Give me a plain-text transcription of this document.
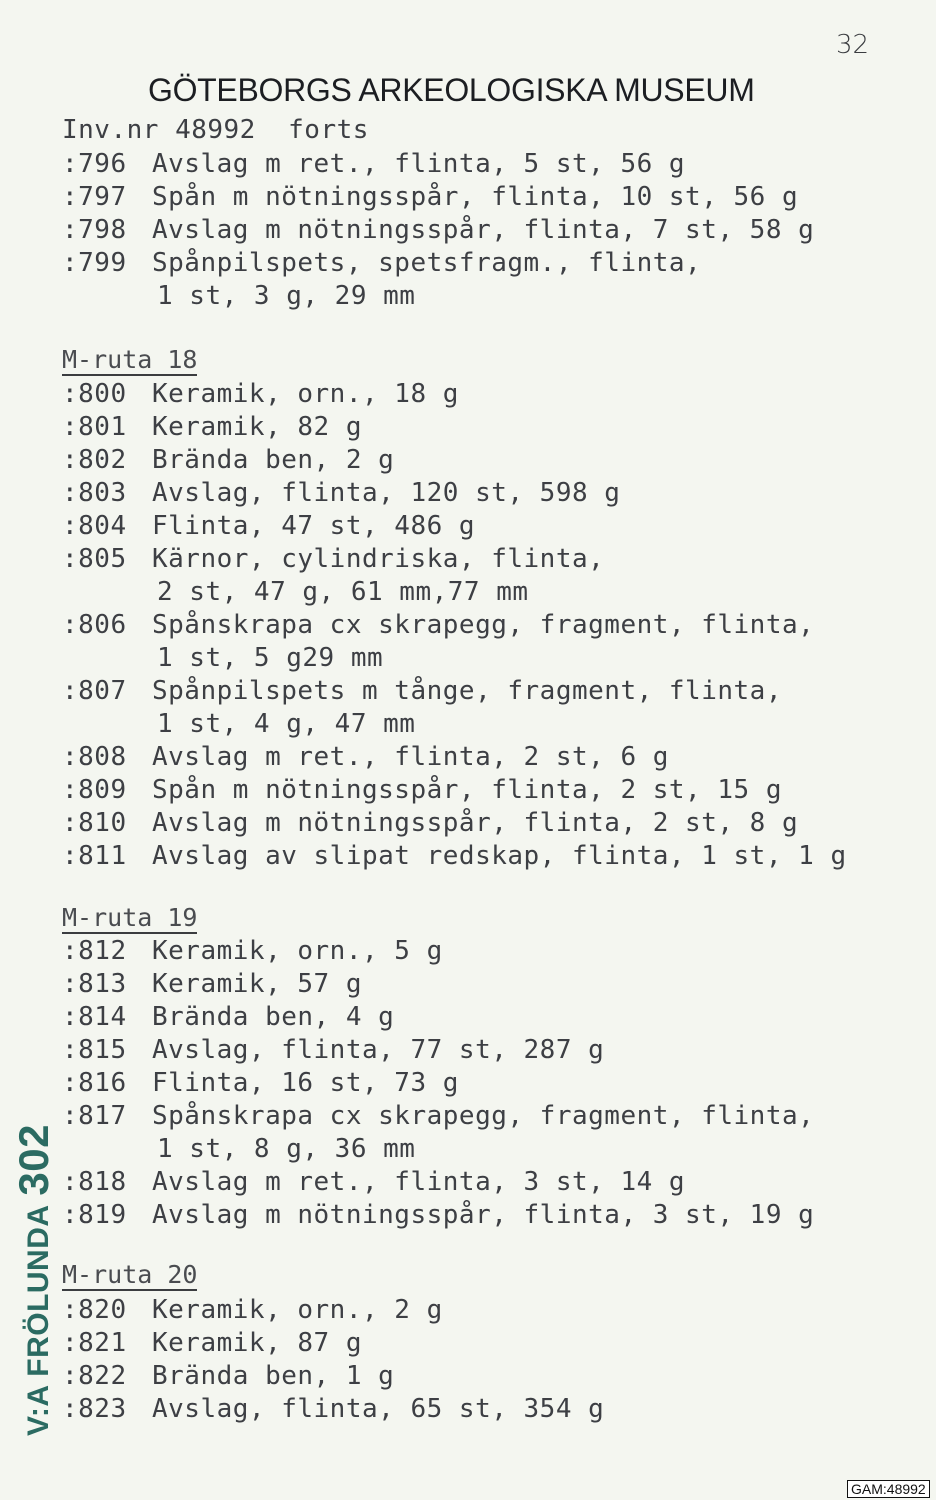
32
GÖTEBORGS ARKEOLOGISKA MUSEUM
Inv.nr 48992  forts
:796 Avslag m ret., flinta, 5 st, 56 g
:797 Spån m nötningsspår, flinta, 10 st, 56 g
:798 Avslag m nötningsspår, flinta, 7 st, 58 g
:799 Spånpilspets, spetsfragm., flinta,
1 st, 3 g, 29 mm
M-ruta 18
:800 Keramik, orn., 18 g
:801 Keramik, 82 g
:802 Brända ben, 2 g
:803 Avslag, flinta, 120 st, 598 g
:804 Flinta, 47 st, 486 g
:805 Kärnor, cylindriska, flinta,
2 st, 47 g, 61 mm,77 mm
:806 Spånskrapa cx skrapegg, fragment, flinta,
1 st, 5 g29 mm
:807 Spånpilspets m tånge, fragment, flinta,
1 st, 4 g, 47 mm
:808 Avslag m ret., flinta, 2 st, 6 g
:809 Spån m nötningsspår, flinta, 2 st, 15 g
:810 Avslag m nötningsspår, flinta, 2 st, 8 g
:811 Avslag av slipat redskap, flinta, 1 st, 1 g
M-ruta 19
:812 Keramik, orn., 5 g
:813 Keramik, 57 g
:814 Brända ben, 4 g
:815 Avslag, flinta, 77 st, 287 g
:816 Flinta, 16 st, 73 g
:817 Spånskrapa cx skrapegg, fragment, flinta,
1 st, 8 g, 36 mm
:818 Avslag m ret., flinta, 3 st, 14 g
:819 Avslag m nötningsspår, flinta, 3 st, 19 g
M-ruta 20
:820 Keramik, orn., 2 g
:821 Keramik, 87 g
:822 Brända ben, 1 g
:823 Avslag, flinta, 65 st, 354 g
V:A FRÖLUNDA 302
GAM:48992
